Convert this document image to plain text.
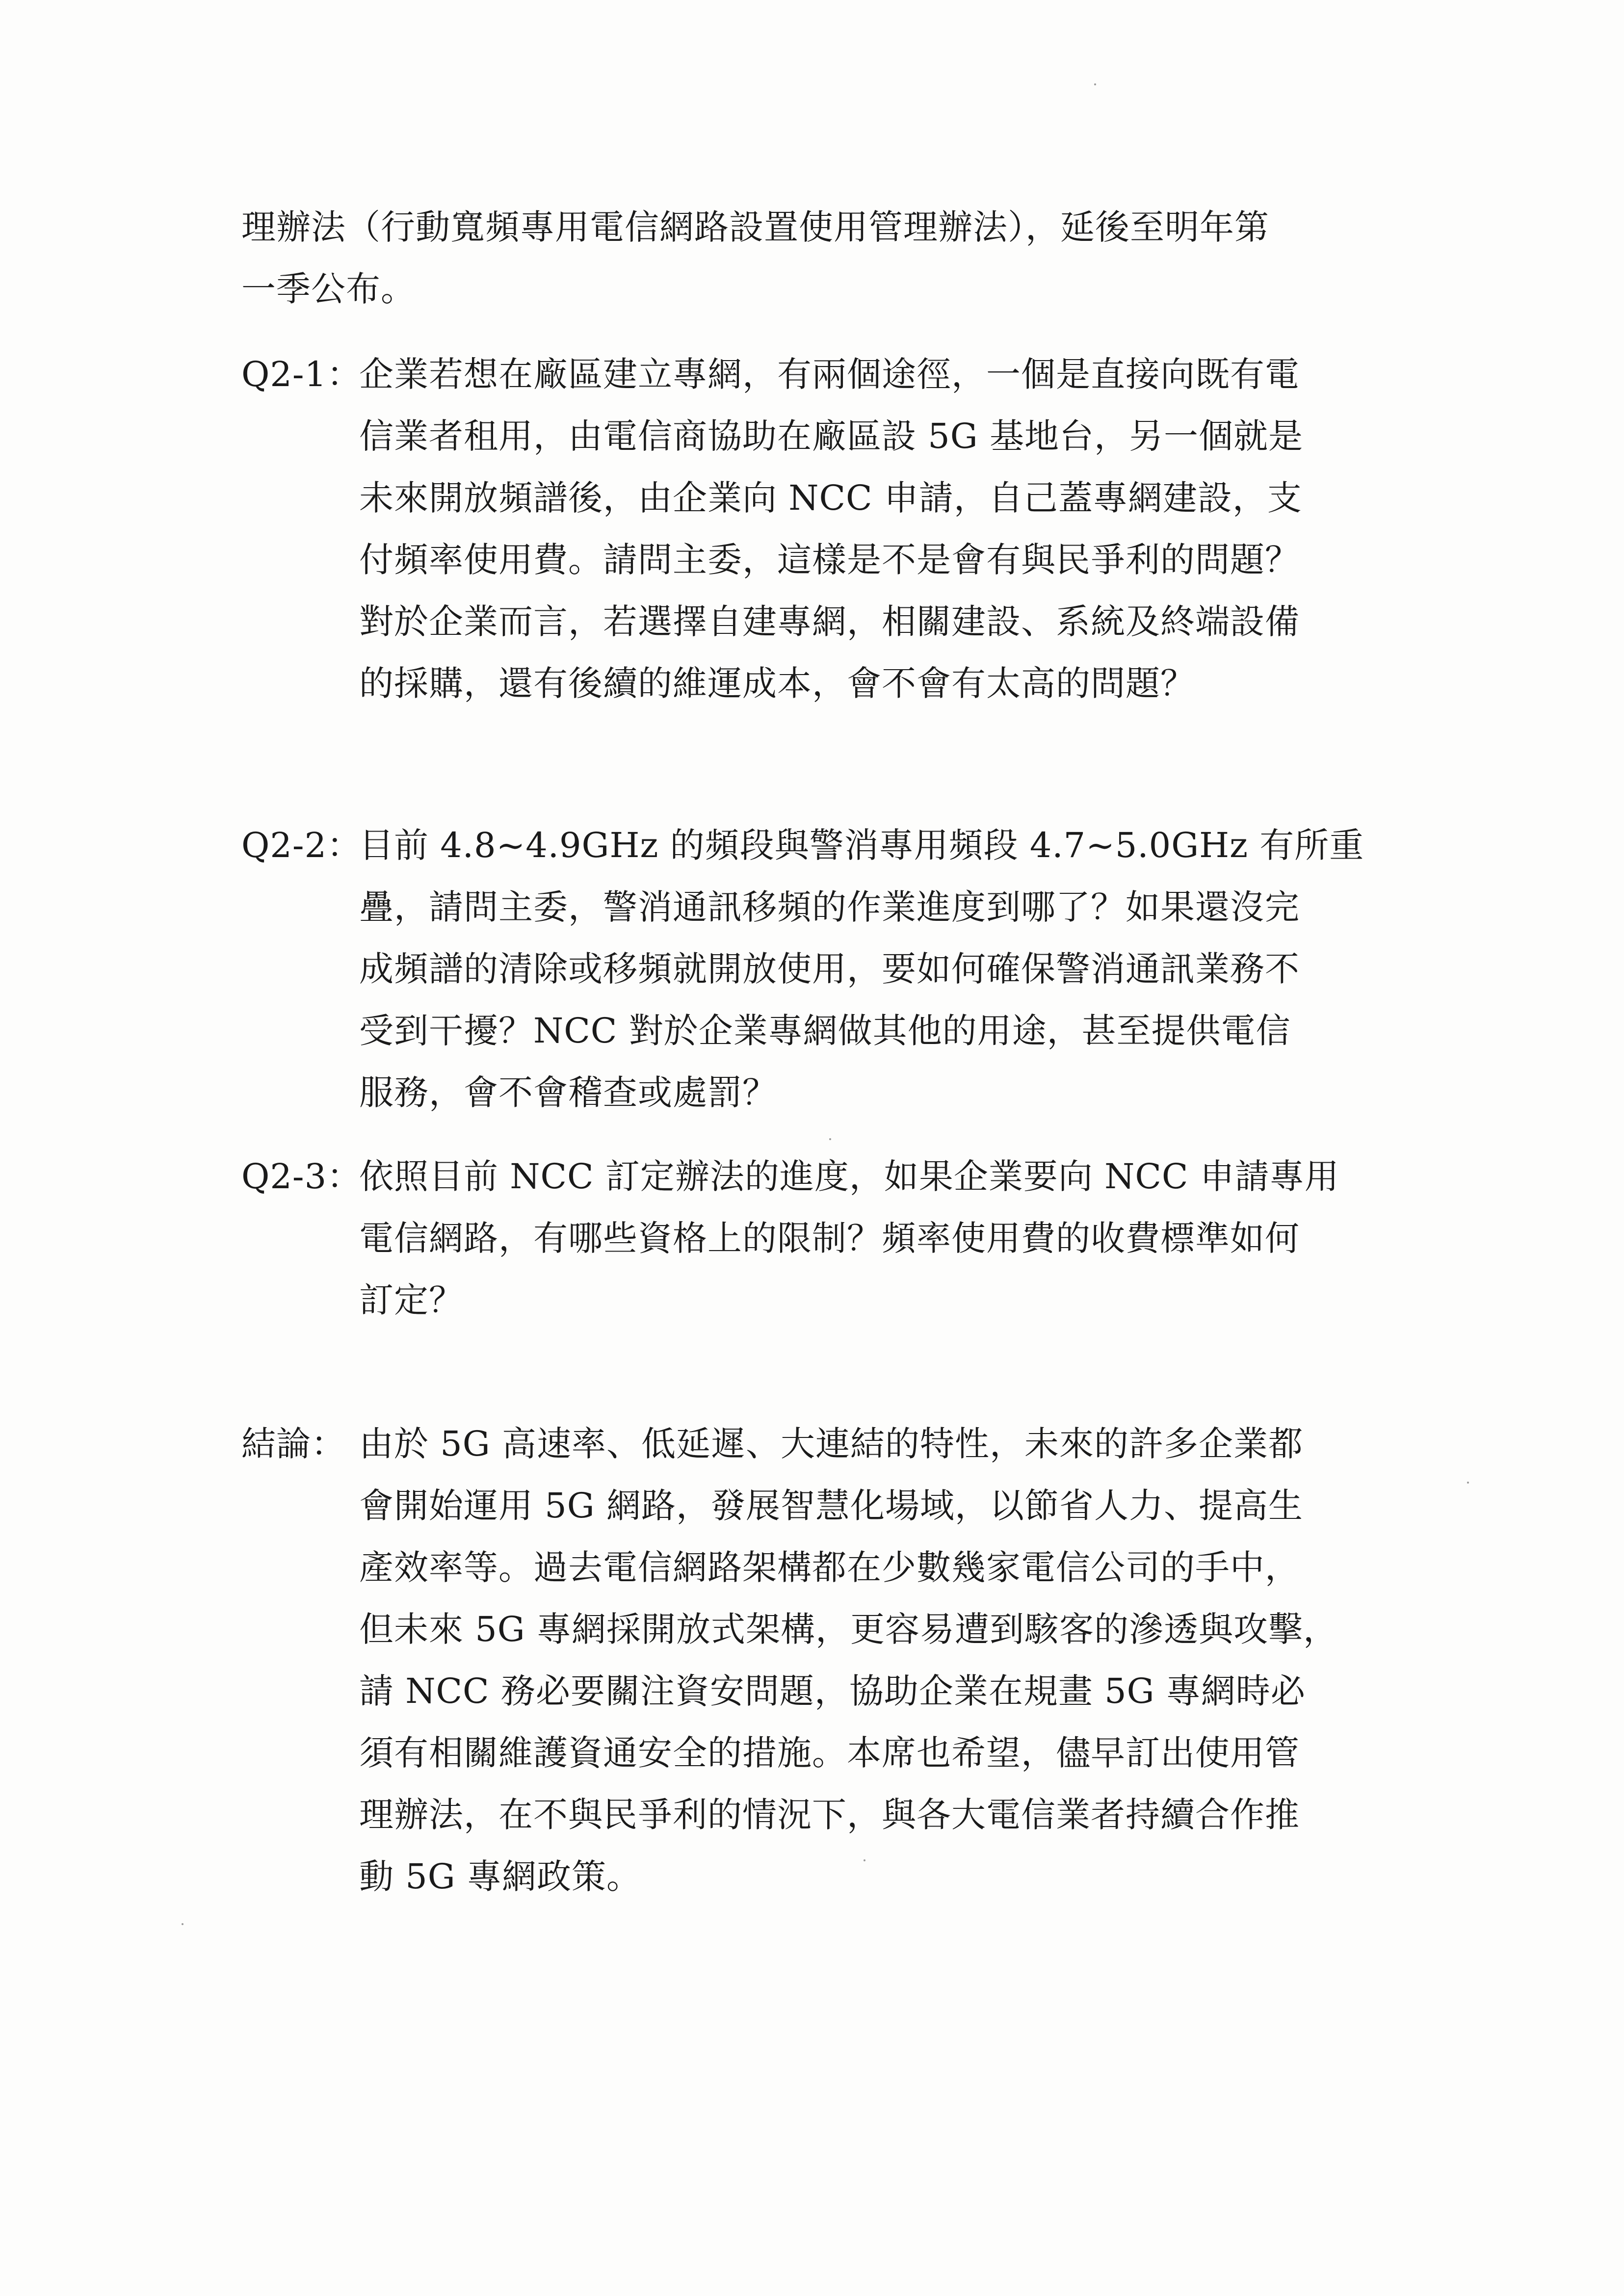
理辦法（行動寬頻專用電信網路設置使用管理辦法），延後至明年第
一季公布。
Q2-1：企業若想在廠區建立專網，有兩個途徑，一個是直接向既有電
信業者租用，由電信商協助在廠區設 5G 基地台，另一個就是
未來開放頻譜後，由企業向 NCC 申請，自己蓋專網建設，支
付頻率使用費。請問主委，這樣是不是會有與民爭利的問題？
對於企業而言，若選擇自建專網，相關建設、系統及終端設備
的採購，還有後續的維運成本，會不會有太高的問題？
Q2-2：目前 4.8~4.9GHz 的頻段與警消專用頻段 4.7~5.0GHz 有所重
疊，請問主委，警消通訊移頻的作業進度到哪了？如果還沒完
成頻譜的清除或移頻就開放使用，要如何確保警消通訊業務不
受到干擾？NCC 對於企業專網做其他的用途，甚至提供電信
服務，會不會稽查或處罰？
Q2-3：依照目前 NCC 訂定辦法的進度，如果企業要向 NCC 申請專用
電信網路，有哪些資格上的限制？頻率使用費的收費標準如何
訂定？
結論： 由於 5G 高速率、低延遲、大連結的特性，未來的許多企業都
會開始運用 5G 網路，發展智慧化場域，以節省人力、提高生
產效率等。過去電信網路架構都在少數幾家電信公司的手中，
但未來 5G 專網採開放式架構，更容易遭到駭客的滲透與攻擊，
請 NCC 務必要關注資安問題，協助企業在規畫 5G 專網時必
須有相關維護資通安全的措施。本席也希望，儘早訂出使用管
理辦法，在不與民爭利的情況下，與各大電信業者持續合作推
動 5G 專網政策。
